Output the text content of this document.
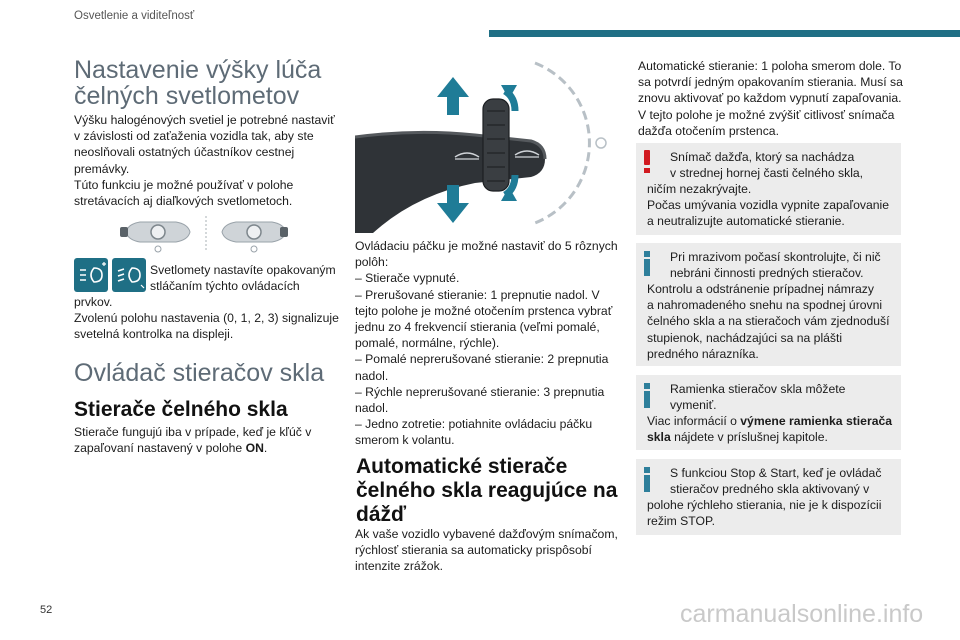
Osvetlenie a viditeľnosť
Nastavenie výšky lúča
čelných svetlometov
Výšku halogénových svetiel je potrebné nastaviť
v závislosti od zaťaženia vozidla tak, aby ste
neoslňovali ostatných účastníkov cestnej
premávky.
Túto funkciu je možné používať v polohe
stretávacích aj diaľkových svetlometoch.
Svetlomety nastavíte opakovaným
stláčaním týchto ovládacích
prvkov.
Zvolenú polohu nastavenia (0, 1, 2, 3) signalizuje
svetelná kontrolka na displeji.
Ovládač stieračov skla
Stierače čelného skla
Stierače fungujú iba v prípade, keď je kľúč v
zapaľovaní nastavený v polohe ON.
Ovládaciu páčku je možné nastaviť do 5 rôznych
polôh:
– Stierače vypnuté.
– Prerušované stieranie: 1 prepnutie nadol. V
tejto polohe je možné otočením prstenca vybrať
jednu zo 4 frekvencií stierania (veľmi pomalé,
pomalé, normálne, rýchle).
– Pomalé neprerušované stieranie: 2 prepnutia
nadol.
– Rýchle neprerušované stieranie: 3 prepnutia
nadol.
– Jedno zotretie: potiahnite ovládaciu páčku
smerom k volantu.
Automatické stierače
čelného skla reagujúce na
dážď
Ak vaše vozidlo vybavené dažďovým snímačom,
rýchlosť stierania sa automaticky prispôsobí
intenzite zrážok.
Automatické stieranie: 1 poloha smerom dole. To
sa potvrdí jedným opakovaním stierania. Musí sa
znovu aktivovať po každom vypnutí zapaľovania.
V tejto polohe je možné zvýšiť citlivosť snímača
dažďa otočením prstenca.
Snímač dažďa, ktorý sa nachádza
v strednej hornej časti čelného skla,
ničím nezakrývajte.
Počas umývania vozidla vypnite zapaľovanie
a neutralizujte automatické stieranie.
Pri mrazivom počasí skontrolujte, či nič
nebráni činnosti predných stieračov.
Kontrolu a odstránenie prípadnej námrazy
a nahromadeného snehu na spodnej úrovni
čelného skla a na stieračoch vám zjednoduší
stupienok, nachádzajúci sa na plášti
predného nárazníka.
Ramienka stieračov skla môžete
vymeniť.
Viac informácií o výmene ramienka stierača
skla nájdete v príslušnej kapitole.
S funkciou Stop & Start, keď je ovládač
stieračov predného skla aktivovaný v
polohe rýchleho stierania, nie je k dispozícii
režim STOP.
52	carmanualsonline.info
